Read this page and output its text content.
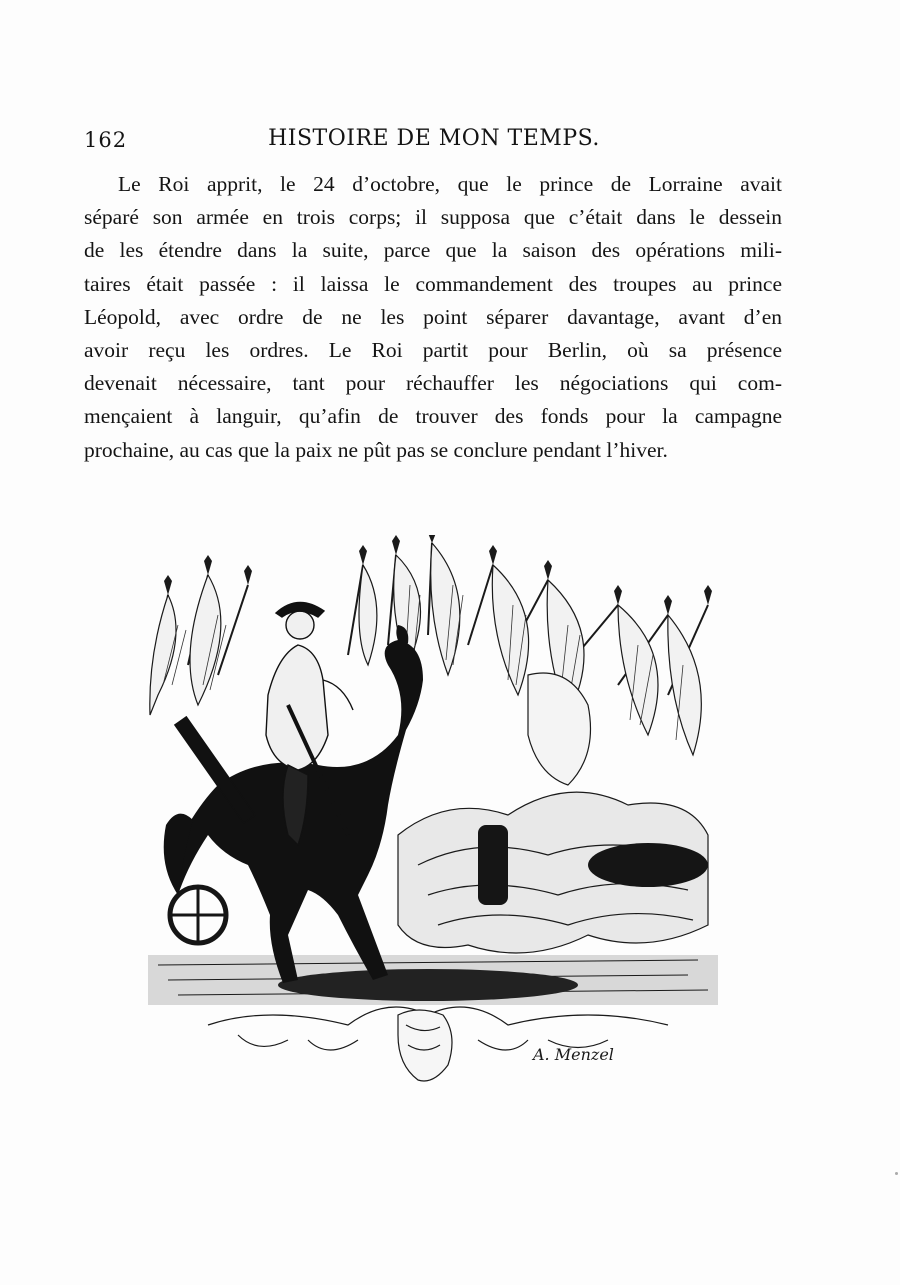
162	HISTOIRE DE MON TEMPS.

Le Roi apprit, le 24 d’octobre, que le prince de Lorraine avait
séparé son armée en trois corps; il supposa que c’était dans le dessein
de les étendre dans la suite, parce que la saison des opérations mili-
taires était passée : il laissa le commandement des troupes au prince
Léopold, avec ordre de ne les point séparer davantage, avant d’en
avoir reçu les ordres. Le Roi partit pour Berlin, où sa présence
devenait nécessaire, tant pour réchauffer les négociations qui com-
mençaient à languir, qu’afin de trouver des fonds pour la campagne
prochaine, au cas que la paix ne pût pas se conclure pendant l’hiver.

A. Menzel
